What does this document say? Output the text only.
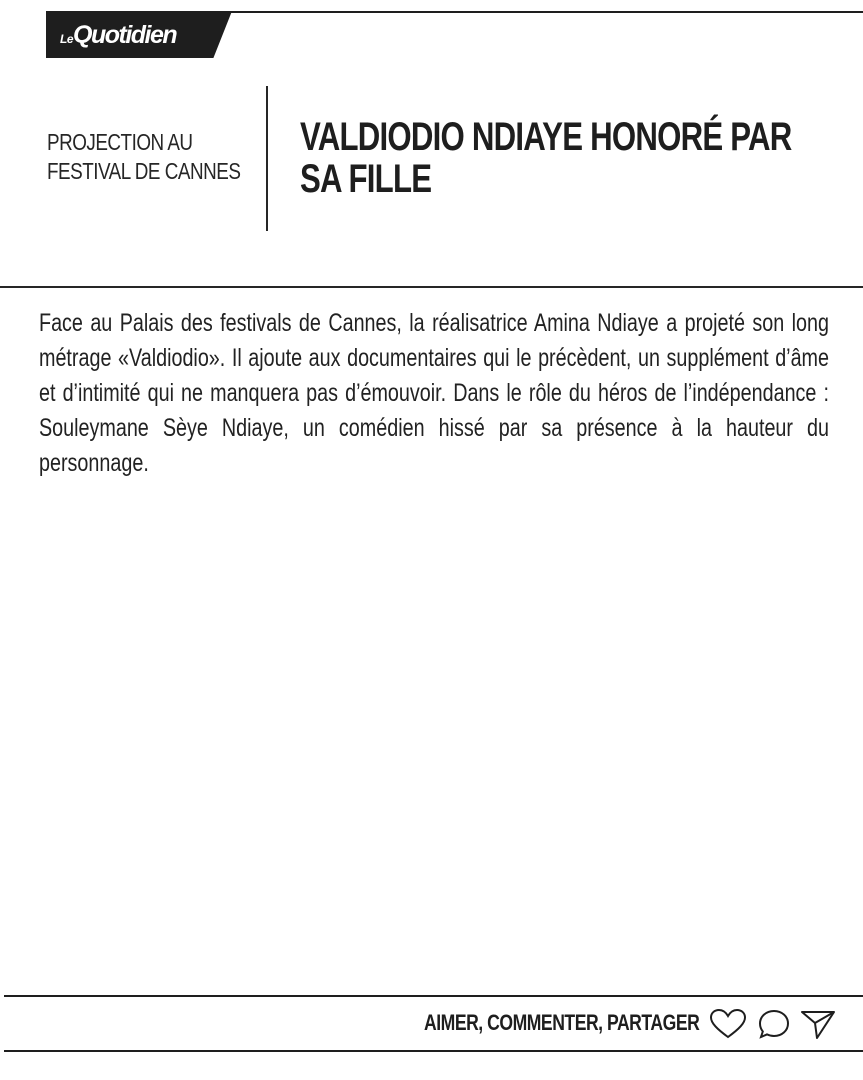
LeQuotidien
PROJECTION AU
FESTIVAL DE CANNES
VALDIODIO NDIAYE HONORÉ PAR
SA FILLE
Face au Palais des festivals de Cannes, la réalisatrice Amina Ndiaye a projeté son long métrage «Valdiodio». Il ajoute aux documentaires qui le précèdent, un supplément d’âme et d’intimité qui ne manquera pas d’émouvoir. Dans le rôle du héros de l’indépendance : Souleymane Sèye Ndiaye, un comédien hissé par sa présence à la hauteur du personnage.
AIMER, COMMENTER, PARTAGER
